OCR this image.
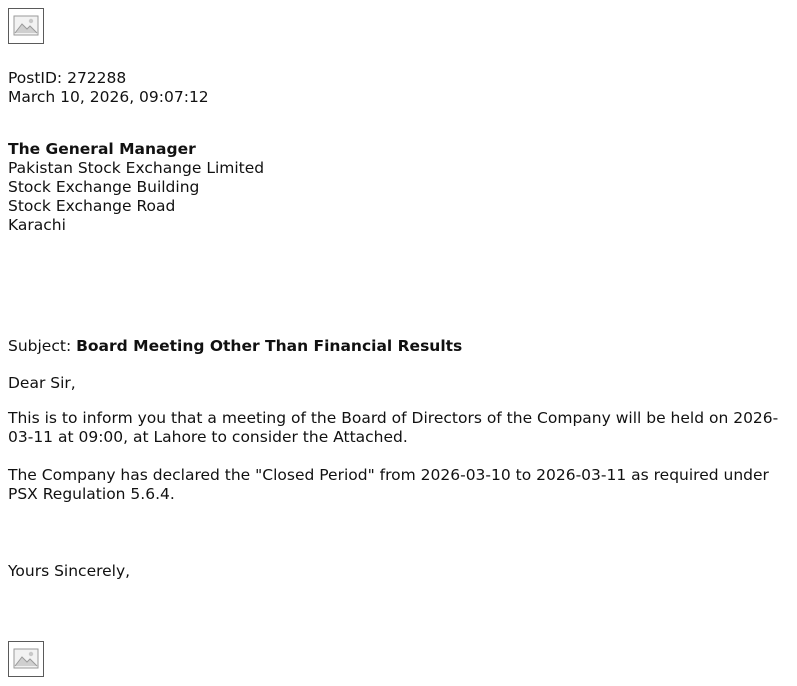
PostID: 272288
March 10, 2026, 09:07:12
The General Manager
Pakistan Stock Exchange Limited
Stock Exchange Building
Stock Exchange Road
Karachi
Subject: Board Meeting Other Than Financial Results
Dear Sir,
This is to inform you that a meeting of the Board of Directors of the Company will be held on 2026-03-11 at 09:00, at Lahore to consider the Attached.
The Company has declared the "Closed Period" from 2026-03-10 to 2026-03-11 as required under PSX Regulation 5.6.4.
Yours Sincerely,
